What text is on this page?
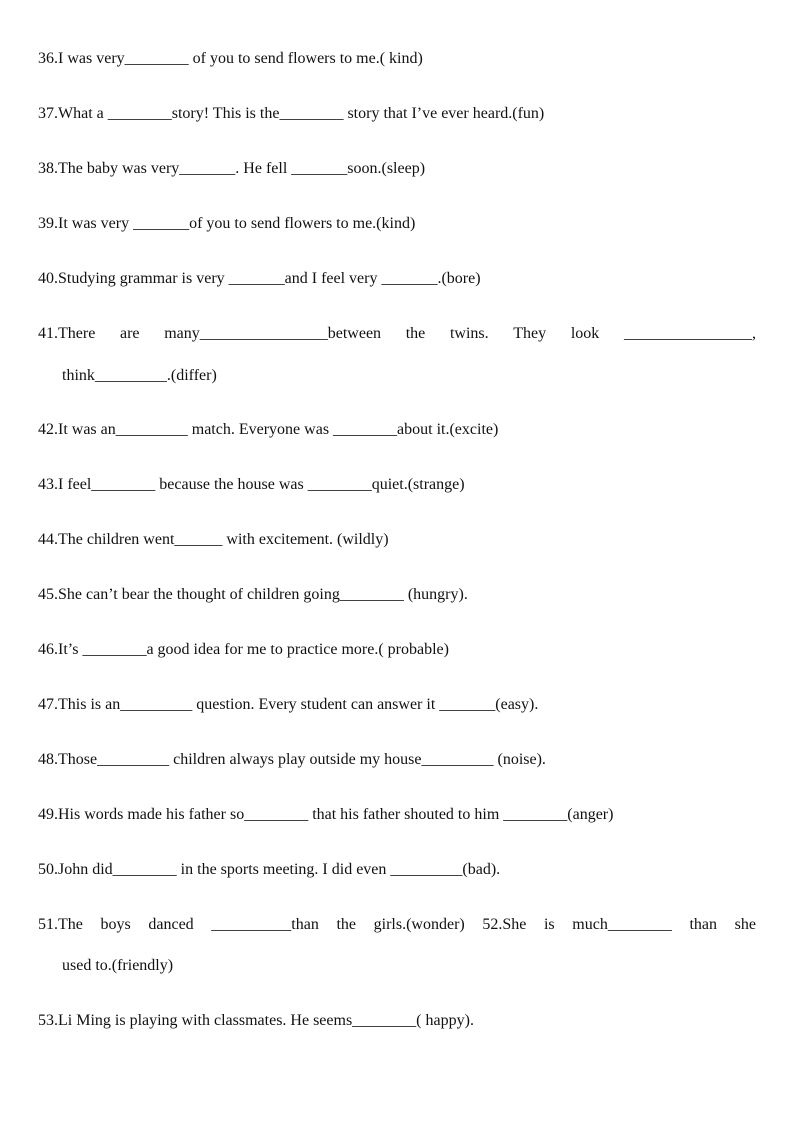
36.I was very________ of you to send flowers to me.( kind)
37.What a ________story! This is the________ story that I’ve ever heard.(fun)
38.The baby was very_______. He fell _______soon.(sleep)
39.It was very _______of you to send flowers to me.(kind)
40.Studying grammar is very _______and I feel very _______.(bore)
41.There are many________________between the twins. They look ________________,
think_________.(differ)
42.It was an_________ match. Everyone was ________about it.(excite)
43.I feel________ because the house was ________quiet.(strange)
44.The children went______ with excitement. (wildly)
45.She can’t bear the thought of children going________ (hungry).
46.It’s ________a good idea for me to practice more.( probable)
47.This is an_________ question. Every student can answer it _______(easy).
48.Those_________ children always play outside my house_________ (noise).
49.His words made his father so________ that his father shouted to him ________(anger)
50.John did________ in the sports meeting. I did even _________(bad).
51.The boys danced __________than the girls.(wonder) 52.She is much________ than she
used to.(friendly)
53.Li Ming is playing with classmates. He seems________( happy).
